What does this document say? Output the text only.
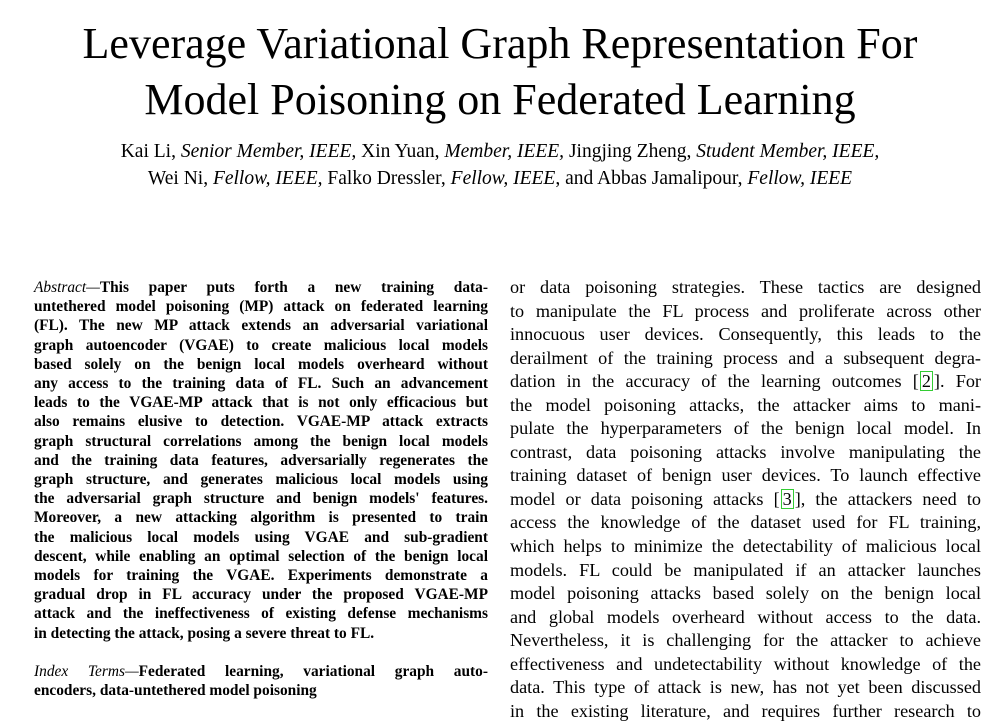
Leverage Variational Graph Representation For
Model Poisoning on Federated Learning
Kai Li, Senior Member, IEEE, Xin Yuan, Member, IEEE, Jingjing Zheng, Student Member, IEEE,
Wei Ni, Fellow, IEEE, Falko Dressler, Fellow, IEEE, and Abbas Jamalipour, Fellow, IEEE

Abstract—This paper puts forth a new training data-
untethered model poisoning (MP) attack on federated learning
(FL). The new MP attack extends an adversarial variational
graph autoencoder (VGAE) to create malicious local models
based solely on the benign local models overheard without
any access to the training data of FL. Such an advancement
leads to the VGAE-MP attack that is not only efficacious but
also remains elusive to detection. VGAE-MP attack extracts
graph structural correlations among the benign local models
and the training data features, adversarially regenerates the
graph structure, and generates malicious local models using
the adversarial graph structure and benign models' features.
Moreover, a new attacking algorithm is presented to train
the malicious local models using VGAE and sub-gradient
descent, while enabling an optimal selection of the benign local
models for training the VGAE. Experiments demonstrate a
gradual drop in FL accuracy under the proposed VGAE-MP
attack and the ineffectiveness of existing defense mechanisms
in detecting the attack, posing a severe threat to FL.

Index Terms—Federated learning, variational graph auto-
encoders, data-untethered model poisoning

or data poisoning strategies. These tactics are designed
to manipulate the FL process and proliferate across other
innocuous user devices. Consequently, this leads to the
derailment of the training process and a subsequent degra-
dation in the accuracy of the learning outcomes [ 2 ]. For
the model poisoning attacks, the attacker aims to mani-
pulate the hyperparameters of the benign local model. In
contrast, data poisoning attacks involve manipulating the
training dataset of benign user devices. To launch effective
model or data poisoning attacks [ 3 ], the attackers need to
access the knowledge of the dataset used for FL training,
which helps to minimize the detectability of malicious local
models. FL could be manipulated if an attacker launches
model poisoning attacks based solely on the benign local
and global models overheard without access to the data.
Nevertheless, it is challenging for the attacker to achieve
effectiveness and undetectability without knowledge of the
data. This type of attack is new, has not yet been discussed
in the existing literature, and requires further research to
